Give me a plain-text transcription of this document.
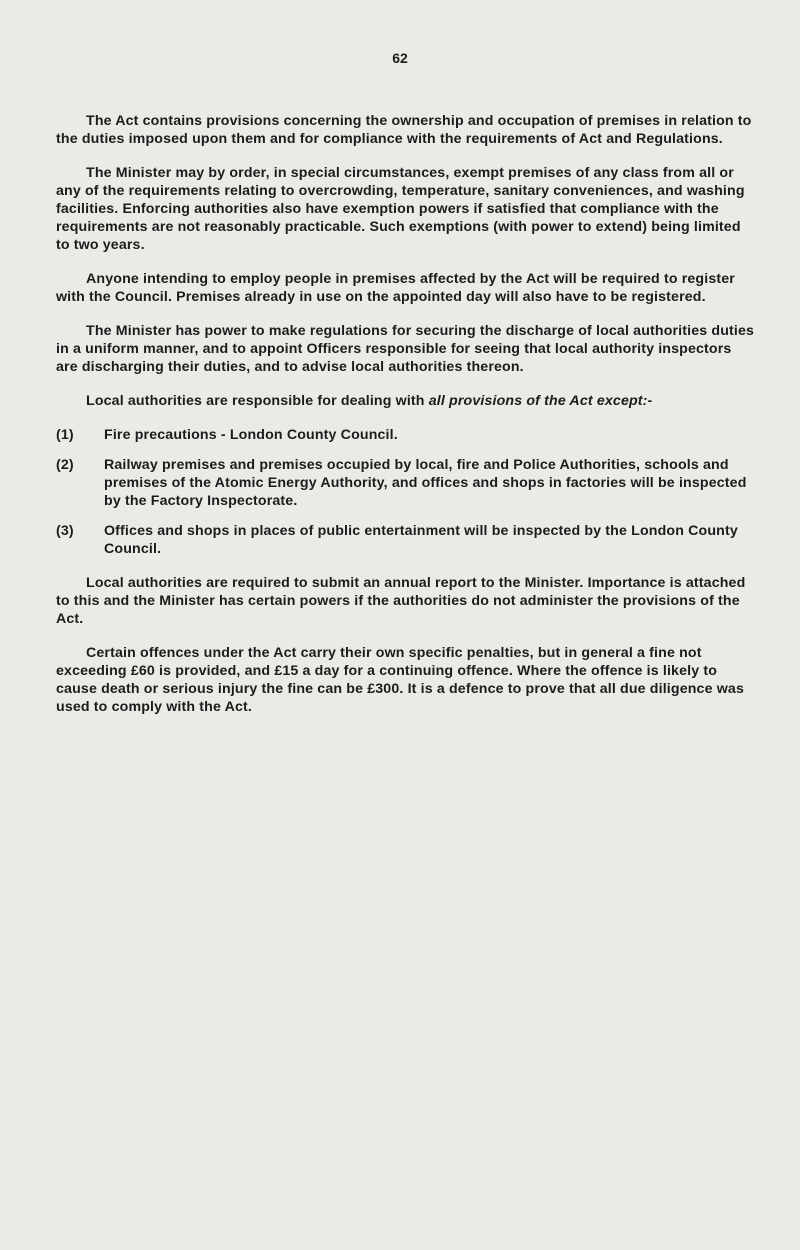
62

The Act contains provisions concerning the ownership and occupation of premises in relation to the duties imposed upon them and for compliance with the requirements of Act and Regulations.

The Minister may by order, in special circumstances, exempt premises of any class from all or any of the requirements relating to overcrowding, temperature, sanitary conveniences, and washing facilities. Enforcing authorities also have exemption powers if satisfied that compliance with the requirements are not reasonably practicable. Such exemptions (with power to extend) being limited to two years.

Anyone intending to employ people in premises affected by the Act will be required to register with the Council. Premises already in use on the appointed day will also have to be registered.

The Minister has power to make regulations for securing the discharge of local authorities duties in a uniform manner, and to appoint Officers responsible for seeing that local authority inspectors are discharging their duties, and to advise local authorities thereon.

Local authorities are responsible for dealing with all provisions of the Act except:-

(1)	Fire precautions - London County Council.
(2)	Railway premises and premises occupied by local, fire and Police Authorities, schools and premises of the Atomic Energy Authority, and offices and shops in factories will be inspected by the Factory Inspectorate.
(3)	Offices and shops in places of public entertainment will be inspected by the London County Council.

Local authorities are required to submit an annual report to the Minister. Importance is attached to this and the Minister has certain powers if the authorities do not administer the provisions of the Act.

Certain offences under the Act carry their own specific penalties, but in general a fine not exceeding £60 is provided, and £15 a day for a continuing offence. Where the offence is likely to cause death or serious injury the fine can be £300. It is a defence to prove that all due diligence was used to comply with the Act.
